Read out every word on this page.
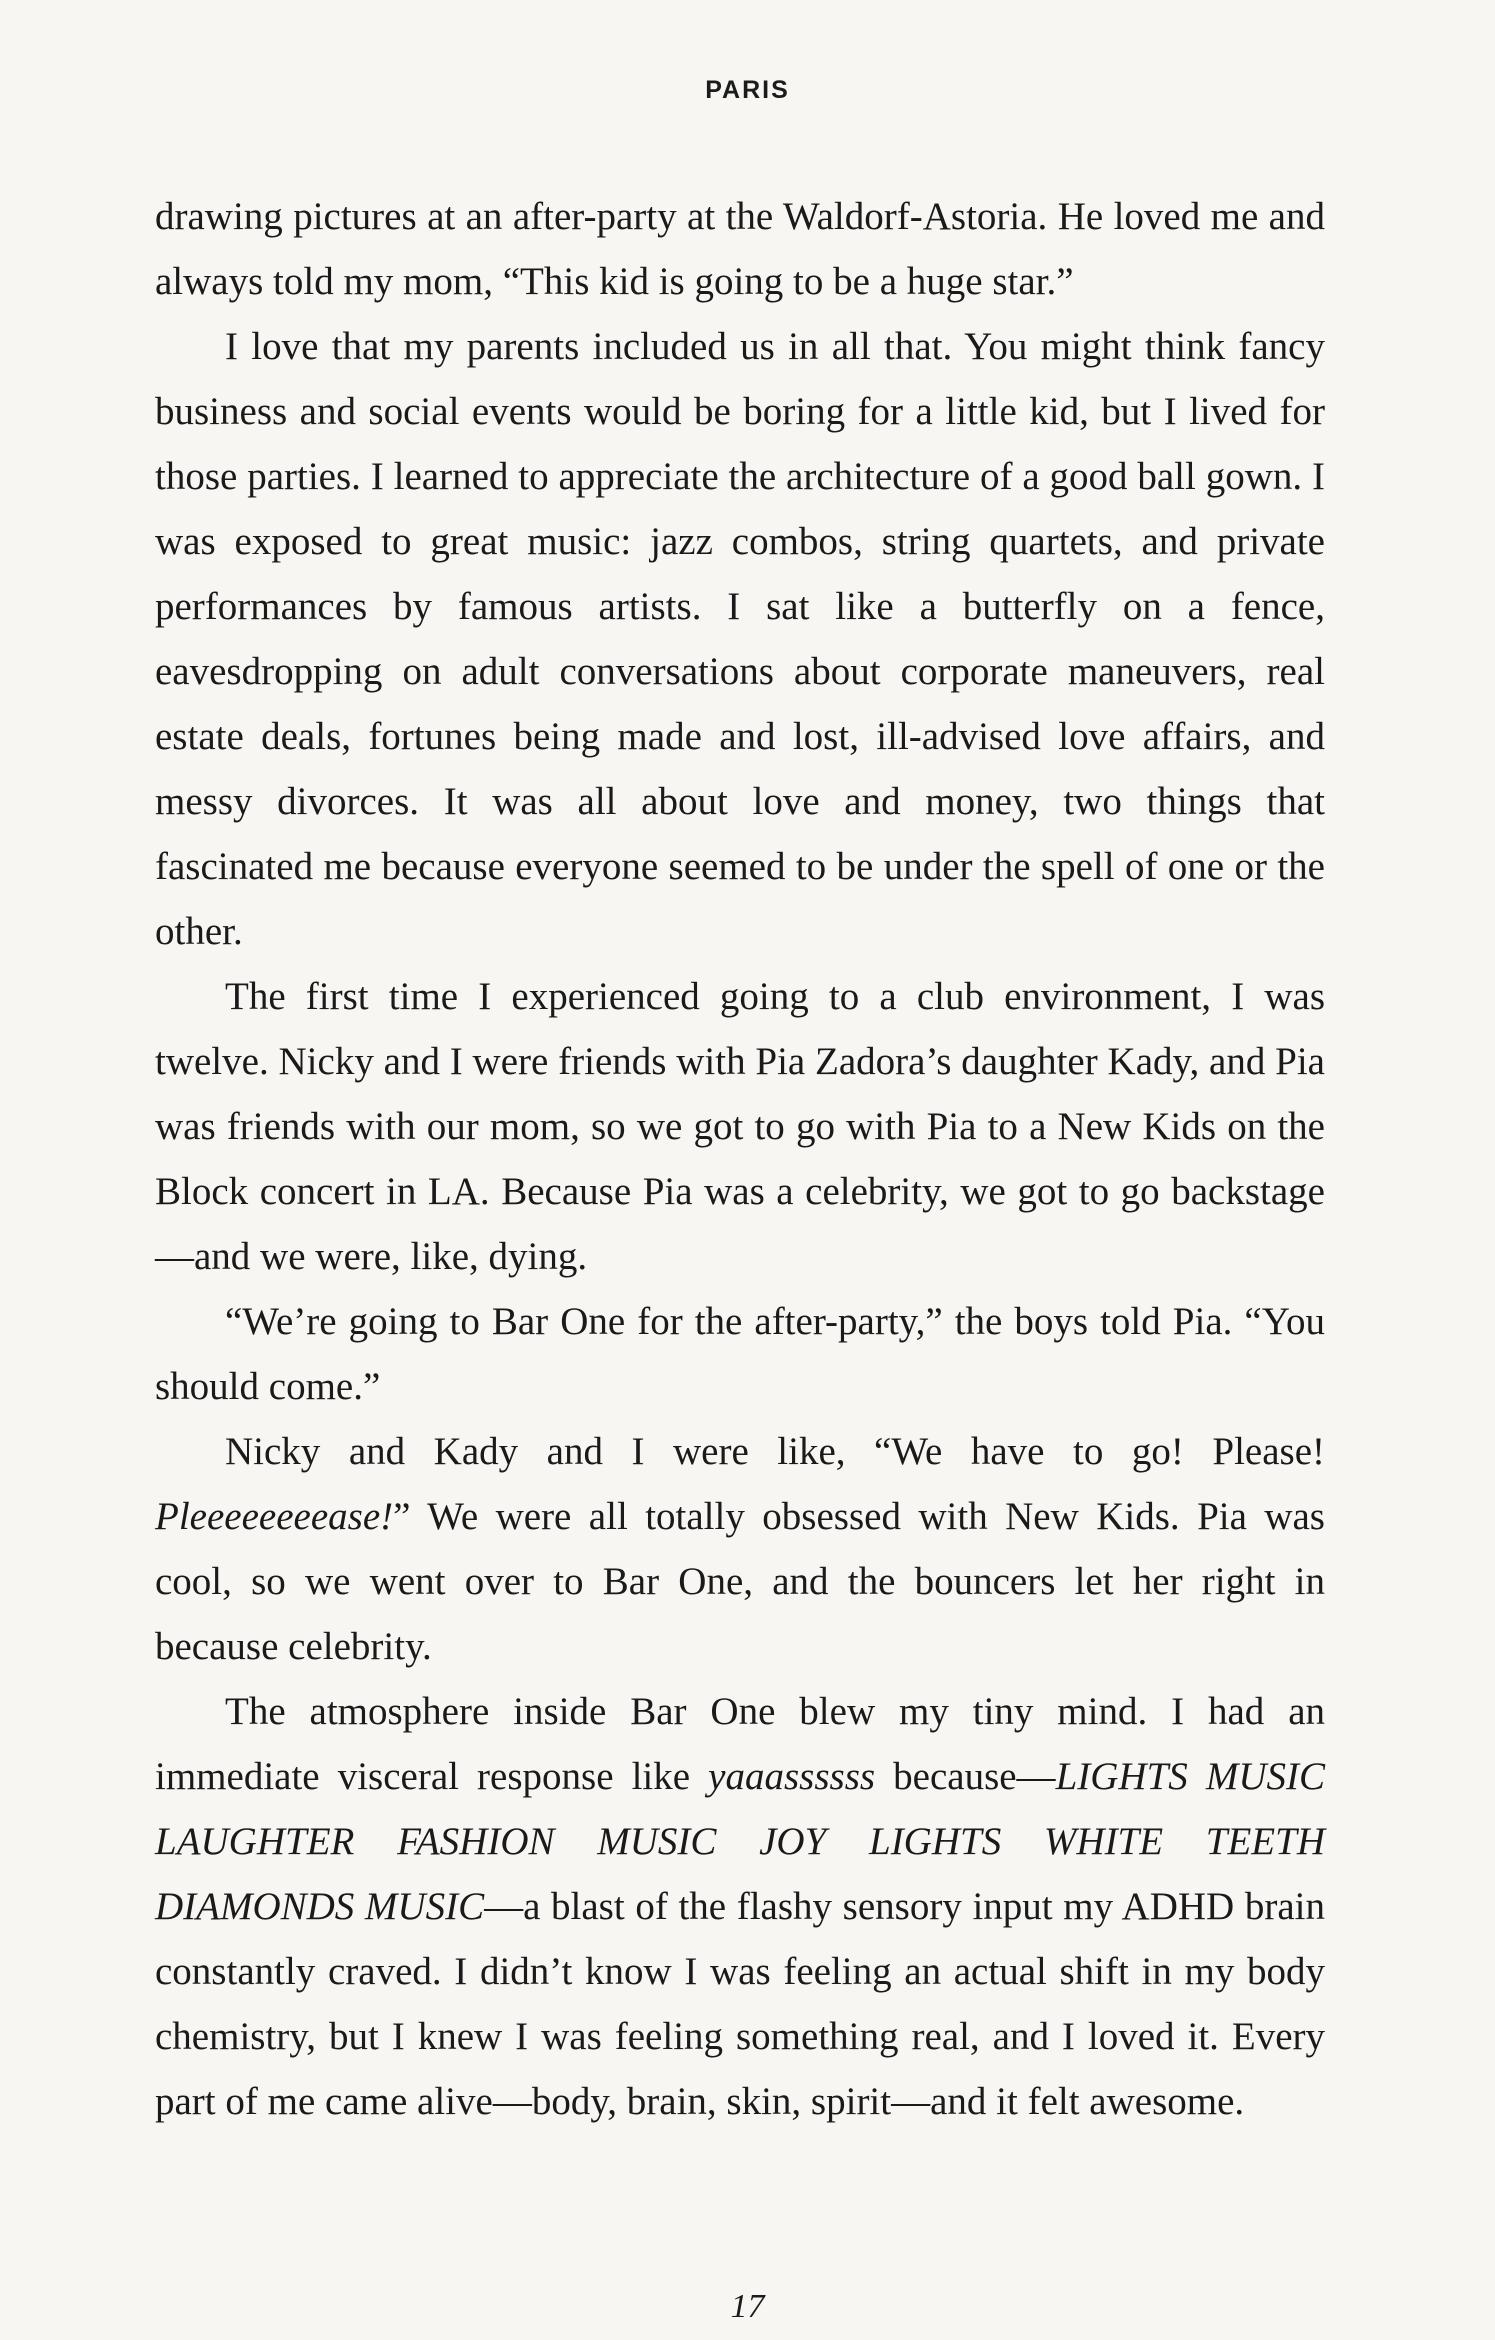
PARIS

drawing pictures at an after-party at the Waldorf-Astoria. He loved me and always told my mom, “This kid is going to be a huge star.”

I love that my parents included us in all that. You might think fancy business and social events would be boring for a little kid, but I lived for those parties. I learned to appreciate the architecture of a good ball gown. I was exposed to great music: jazz combos, string quartets, and private performances by famous artists. I sat like a butterfly on a fence, eavesdropping on adult conversations about corporate maneuvers, real estate deals, fortunes being made and lost, ill-advised love affairs, and messy divorces. It was all about love and money, two things that fascinated me because everyone seemed to be under the spell of one or the other.

The first time I experienced going to a club environment, I was twelve. Nicky and I were friends with Pia Zadora’s daughter Kady, and Pia was friends with our mom, so we got to go with Pia to a New Kids on the Block concert in LA. Because Pia was a celebrity, we got to go backstage—and we were, like, dying.

“We’re going to Bar One for the after-party,” the boys told Pia. “You should come.”

Nicky and Kady and I were like, “We have to go! Please! Pleeeeeeeease!” We were all totally obsessed with New Kids. Pia was cool, so we went over to Bar One, and the bouncers let her right in because celebrity.

The atmosphere inside Bar One blew my tiny mind. I had an immediate visceral response like yaaassssss because—LIGHTS MUSIC LAUGHTER FASHION MUSIC JOY LIGHTS WHITE TEETH DIAMONDS MUSIC—a blast of the flashy sensory input my ADHD brain constantly craved. I didn’t know I was feeling an actual shift in my body chemistry, but I knew I was feeling something real, and I loved it. Every part of me came alive—body, brain, skin, spirit—and it felt awesome.

17
